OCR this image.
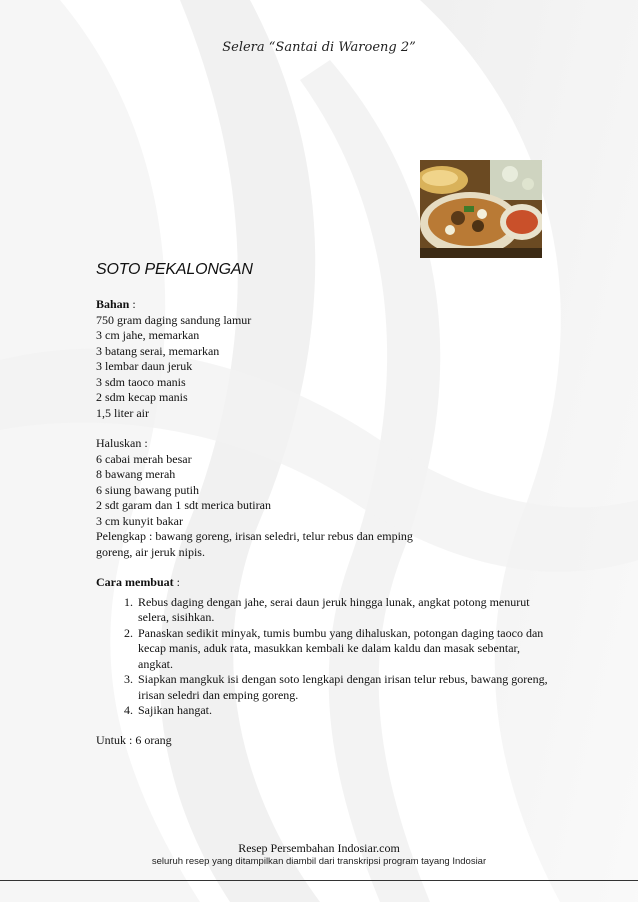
Selera “Santai di Waroeng 2”
SOTO PEKALONGAN
Bahan :
750 gram daging sandung lamur
3 cm jahe, memarkan
3 batang serai, memarkan
3 lembar daun jeruk
3 sdm taoco manis
2 sdm kecap manis
1,5 liter air
Haluskan :
6 cabai merah besar
8 bawang merah
6 siung bawang putih
2 sdt garam dan 1 sdt merica butiran
3 cm kunyit bakar
Pelengkap : bawang goreng, irisan seledri, telur rebus dan emping
goreng, air jeruk nipis.
Cara membuat :
1. Rebus daging dengan jahe, serai daun jeruk hingga lunak, angkat potong menurut selera, sisihkan.
2. Panaskan sedikit minyak, tumis bumbu yang dihaluskan, potongan daging taoco dan kecap manis, aduk rata, masukkan kembali ke dalam kaldu dan masak sebentar, angkat.
3. Siapkan mangkuk isi dengan soto lengkapi dengan irisan telur rebus, bawang goreng, irisan seledri dan emping goreng.
4. Sajikan hangat.
Untuk : 6 orang
Resep Persembahan Indosiar.com
seluruh resep yang ditampilkan diambil dari transkripsi program tayang Indosiar
